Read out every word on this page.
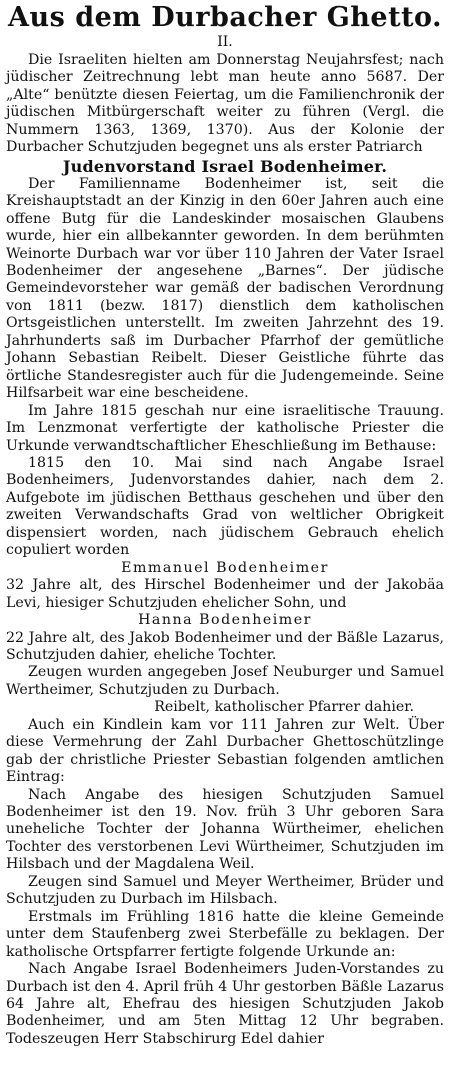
Aus dem Durbacher Ghetto.
II.

Die Israeliten hielten am Donnerstag Neujahrsfest; nach jüdischer Zeitrechnung lebt man heute anno 5687. Der „Alte“ benützte diesen Feiertag, um die Familienchronik der jüdischen Mitbürgerschaft weiter zu führen (Vergl. die Nummern 1363, 1369, 1370). Aus der Kolonie der Durbacher Schutzjuden begegnet uns als erster Patriarch

Judenvorstand Israel Bodenheimer.

Der Familienname Bodenheimer ist, seit die Kreishauptstadt an der Kinzig in den 60er Jahren auch eine offene Butg für die Landeskinder mosaischen Glaubens wurde, hier ein allbekannter geworden. In dem berühmten Weinorte Durbach war vor über 110 Jahren der Vater Israel Bodenheimer der angesehene „Barnes“. Der jüdische Gemeindevorsteher war gemäß der badischen Verordnung von 1811 (bezw. 1817) dienstlich dem katholischen Ortsgeistlichen unterstellt. Im zweiten Jahrzehnt des 19. Jahrhunderts saß im Durbacher Pfarrhof der gemütliche Johann Sebastian Reibelt. Dieser Geistliche führte das örtliche Standesregister auch für die Judengemeinde. Seine Hilfsarbeit war eine bescheidene.

Im Jahre 1815 geschah nur eine israelitische Trauung. Im Lenzmonat verfertigte der katholische Priester die Urkunde verwandtschaftlicher Eheschließung im Bethause:

1815 den 10. Mai sind nach Angabe Israel Bodenheimers, Judenvorstandes dahier, nach dem 2. Aufgebote im jüdischen Betthaus geschehen und über den zweiten Verwandschafts Grad von weltlicher Obrigkeit dispensiert worden, nach jüdischem Gebrauch ehelich copuliert worden

Emmanuel Bodenheimer

32 Jahre alt, des Hirschel Bodenheimer und der Jakobäa Levi, hiesiger Schutzjuden ehelicher Sohn, und

Hanna Bodenheimer

22 Jahre alt, des Jakob Bodenheimer und der Bäßle Lazarus, Schutzjuden dahier, eheliche Tochter.

Zeugen wurden angegeben Josef Neuburger und Samuel Wertheimer, Schutzjuden zu Durbach.

Reibelt, katholischer Pfarrer dahier.

Auch ein Kindlein kam vor 111 Jahren zur Welt. Über diese Vermehrung der Zahl Durbacher Ghettoschützlinge gab der christliche Priester Sebastian folgenden amtlichen Eintrag:

Nach Angabe des hiesigen Schutzjuden Samuel Bodenheimer ist den 19. Nov. früh 3 Uhr geboren Sara uneheliche Tochter der Johanna Würtheimer, ehelichen Tochter des verstorbenen Levi Würtheimer, Schutzjuden im Hilsbach und der Magdalena Weil.

Zeugen sind Samuel und Meyer Wertheimer, Brüder und Schutzjuden zu Durbach im Hilsbach.

Erstmals im Frühling 1816 hatte die kleine Gemeinde unter dem Staufenberg zwei Sterbefälle zu beklagen. Der katholische Ortspfarrer fertigte folgende Urkunde an:

Nach Angabe Israel Bodenheimers Juden-Vorstandes zu Durbach ist den 4. April früh 4 Uhr gestorben Bäßle Lazarus 64 Jahre alt, Ehefrau des hiesigen Schutzjuden Jakob Bodenheimer, und am 5ten Mittag 12 Uhr begraben. Todeszeugen Herr Stabschirurg Edel dahier
